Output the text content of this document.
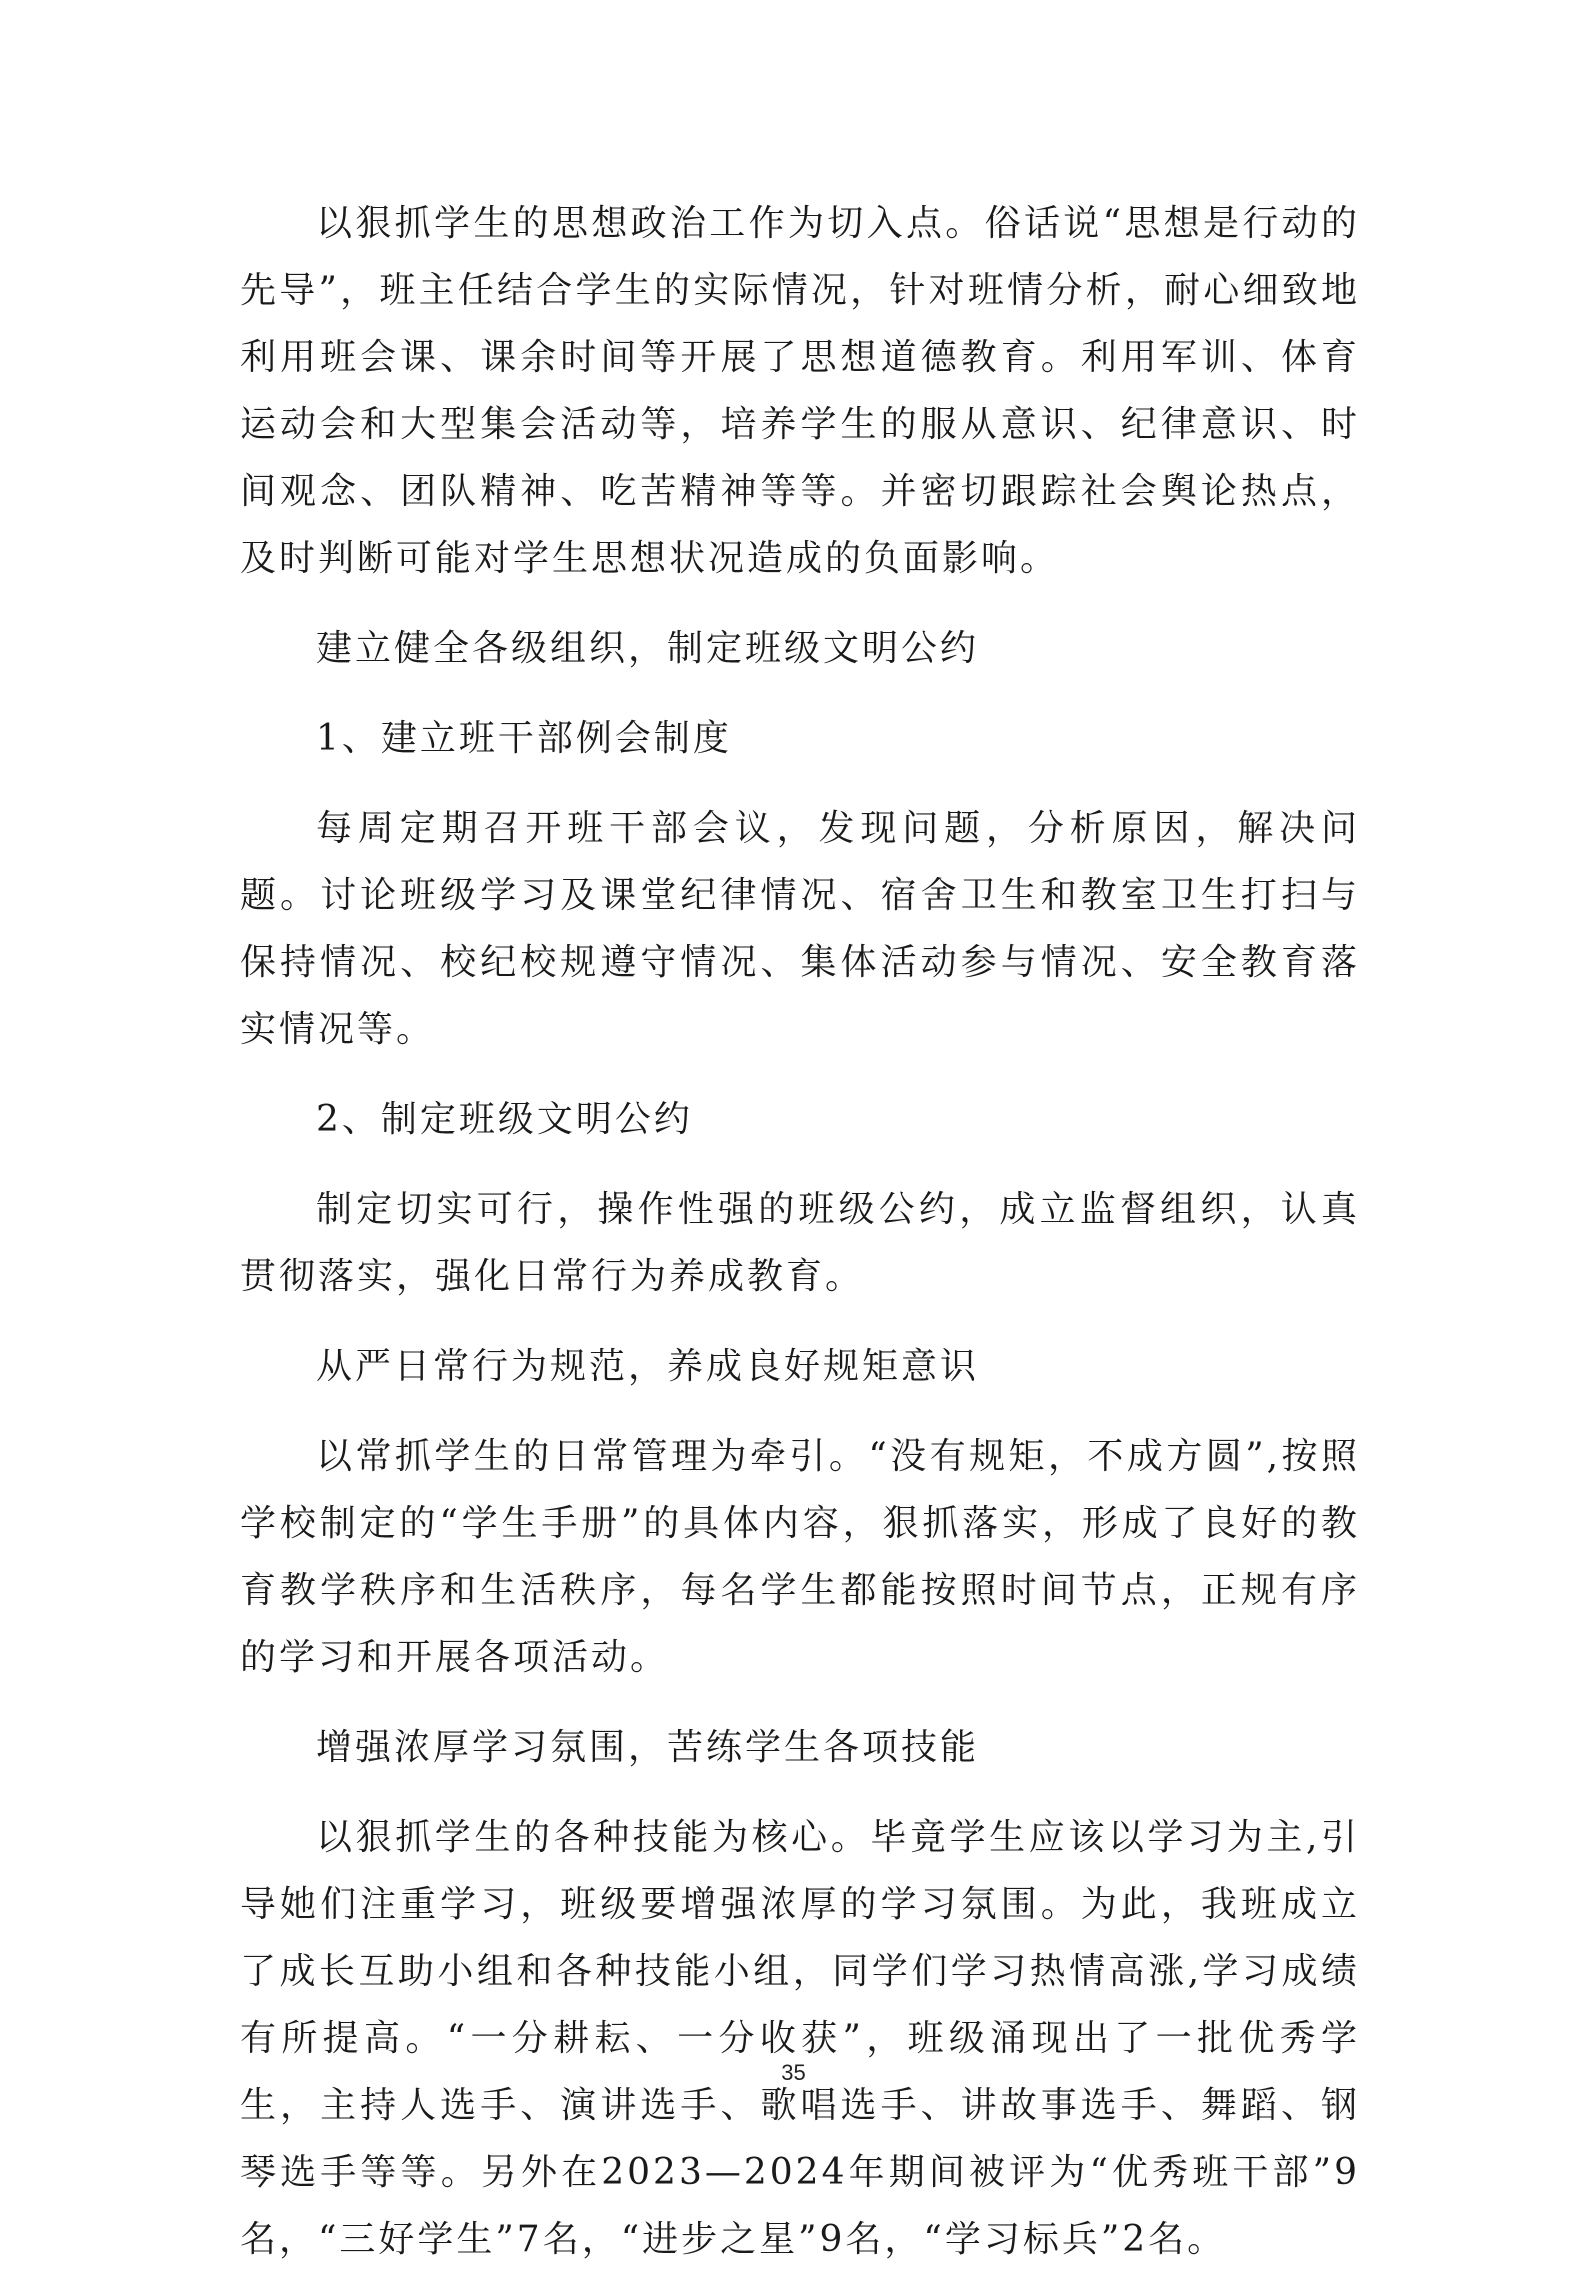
以狠抓学生的思想政治工作为切入点。俗话说“思想是行动的先导”，班主任结合学生的实际情况，针对班情分析，耐心细致地利用班会课、课余时间等开展了思想道德教育。利用军训、体育运动会和大型集会活动等，培养学生的服从意识、纪律意识、时间观念、团队精神、吃苦精神等等。并密切跟踪社会舆论热点，及时判断可能对学生思想状况造成的负面影响。

建立健全各级组织，制定班级文明公约

1、建立班干部例会制度

每周定期召开班干部会议，发现问题，分析原因，解决问题。讨论班级学习及课堂纪律情况、宿舍卫生和教室卫生打扫与保持情况、校纪校规遵守情况、集体活动参与情况、安全教育落实情况等。

2、制定班级文明公约

制定切实可行，操作性强的班级公约，成立监督组织，认真贯彻落实，强化日常行为养成教育。

从严日常行为规范，养成良好规矩意识

以常抓学生的日常管理为牵引。“没有规矩，不成方圆”,按照学校制定的“学生手册”的具体内容，狠抓落实，形成了良好的教育教学秩序和生活秩序，每名学生都能按照时间节点，正规有序的学习和开展各项活动。

增强浓厚学习氛围，苦练学生各项技能

以狠抓学生的各种技能为核心。毕竟学生应该以学习为主,引导她们注重学习，班级要增强浓厚的学习氛围。为此，我班成立了成长互助小组和各种技能小组，同学们学习热情高涨,学习成绩有所提高。“一分耕耘、一分收获”，班级涌现出了一批优秀学生，主持人选手、演讲选手、歌唱选手、讲故事选手、舞蹈、钢琴选手等等。另外在2023—2024年期间被评为“优秀班干部”9名，“三好学生”7名，“进步之星”9名，“学习标兵”2名。

35
